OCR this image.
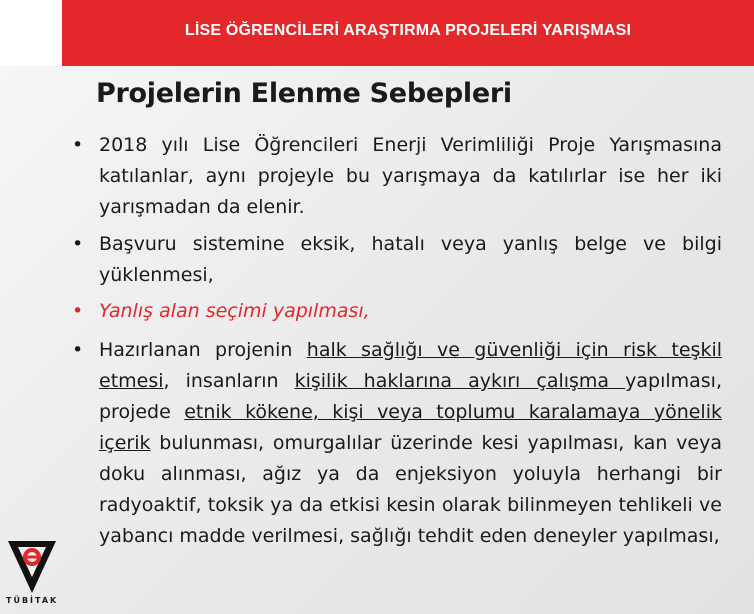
LİSE ÖĞRENCİLERİ ARAŞTIRMA PROJELERİ YARIŞMASI
Projelerin Elenme Sebepleri
• 2018 yılı Lise Öğrencileri Enerji Verimliliği Proje Yarışmasına katılanlar, aynı projeyle bu yarışmaya da katılırlar ise her iki yarışmadan da elenir.
• Başvuru sistemine eksik, hatalı veya yanlış belge ve bilgi yüklenmesi,
• Yanlış alan seçimi yapılması,
• Hazırlanan projenin halk sağlığı ve güvenliği için risk teşkil etmesi, insanların kişilik haklarına aykırı çalışma yapılması, projede etnik kökene, kişi veya toplumu karalamaya yönelik içerik bulunması, omurgalılar üzerinde kesi yapılması, kan veya doku alınması, ağız ya da enjeksiyon yoluyla herhangi bir radyoaktif, toksik ya da etkisi kesin olarak bilinmeyen tehlikeli ve yabancı madde verilmesi, sağlığı tehdit eden deneyler yapılması,
TÜBİTAK
